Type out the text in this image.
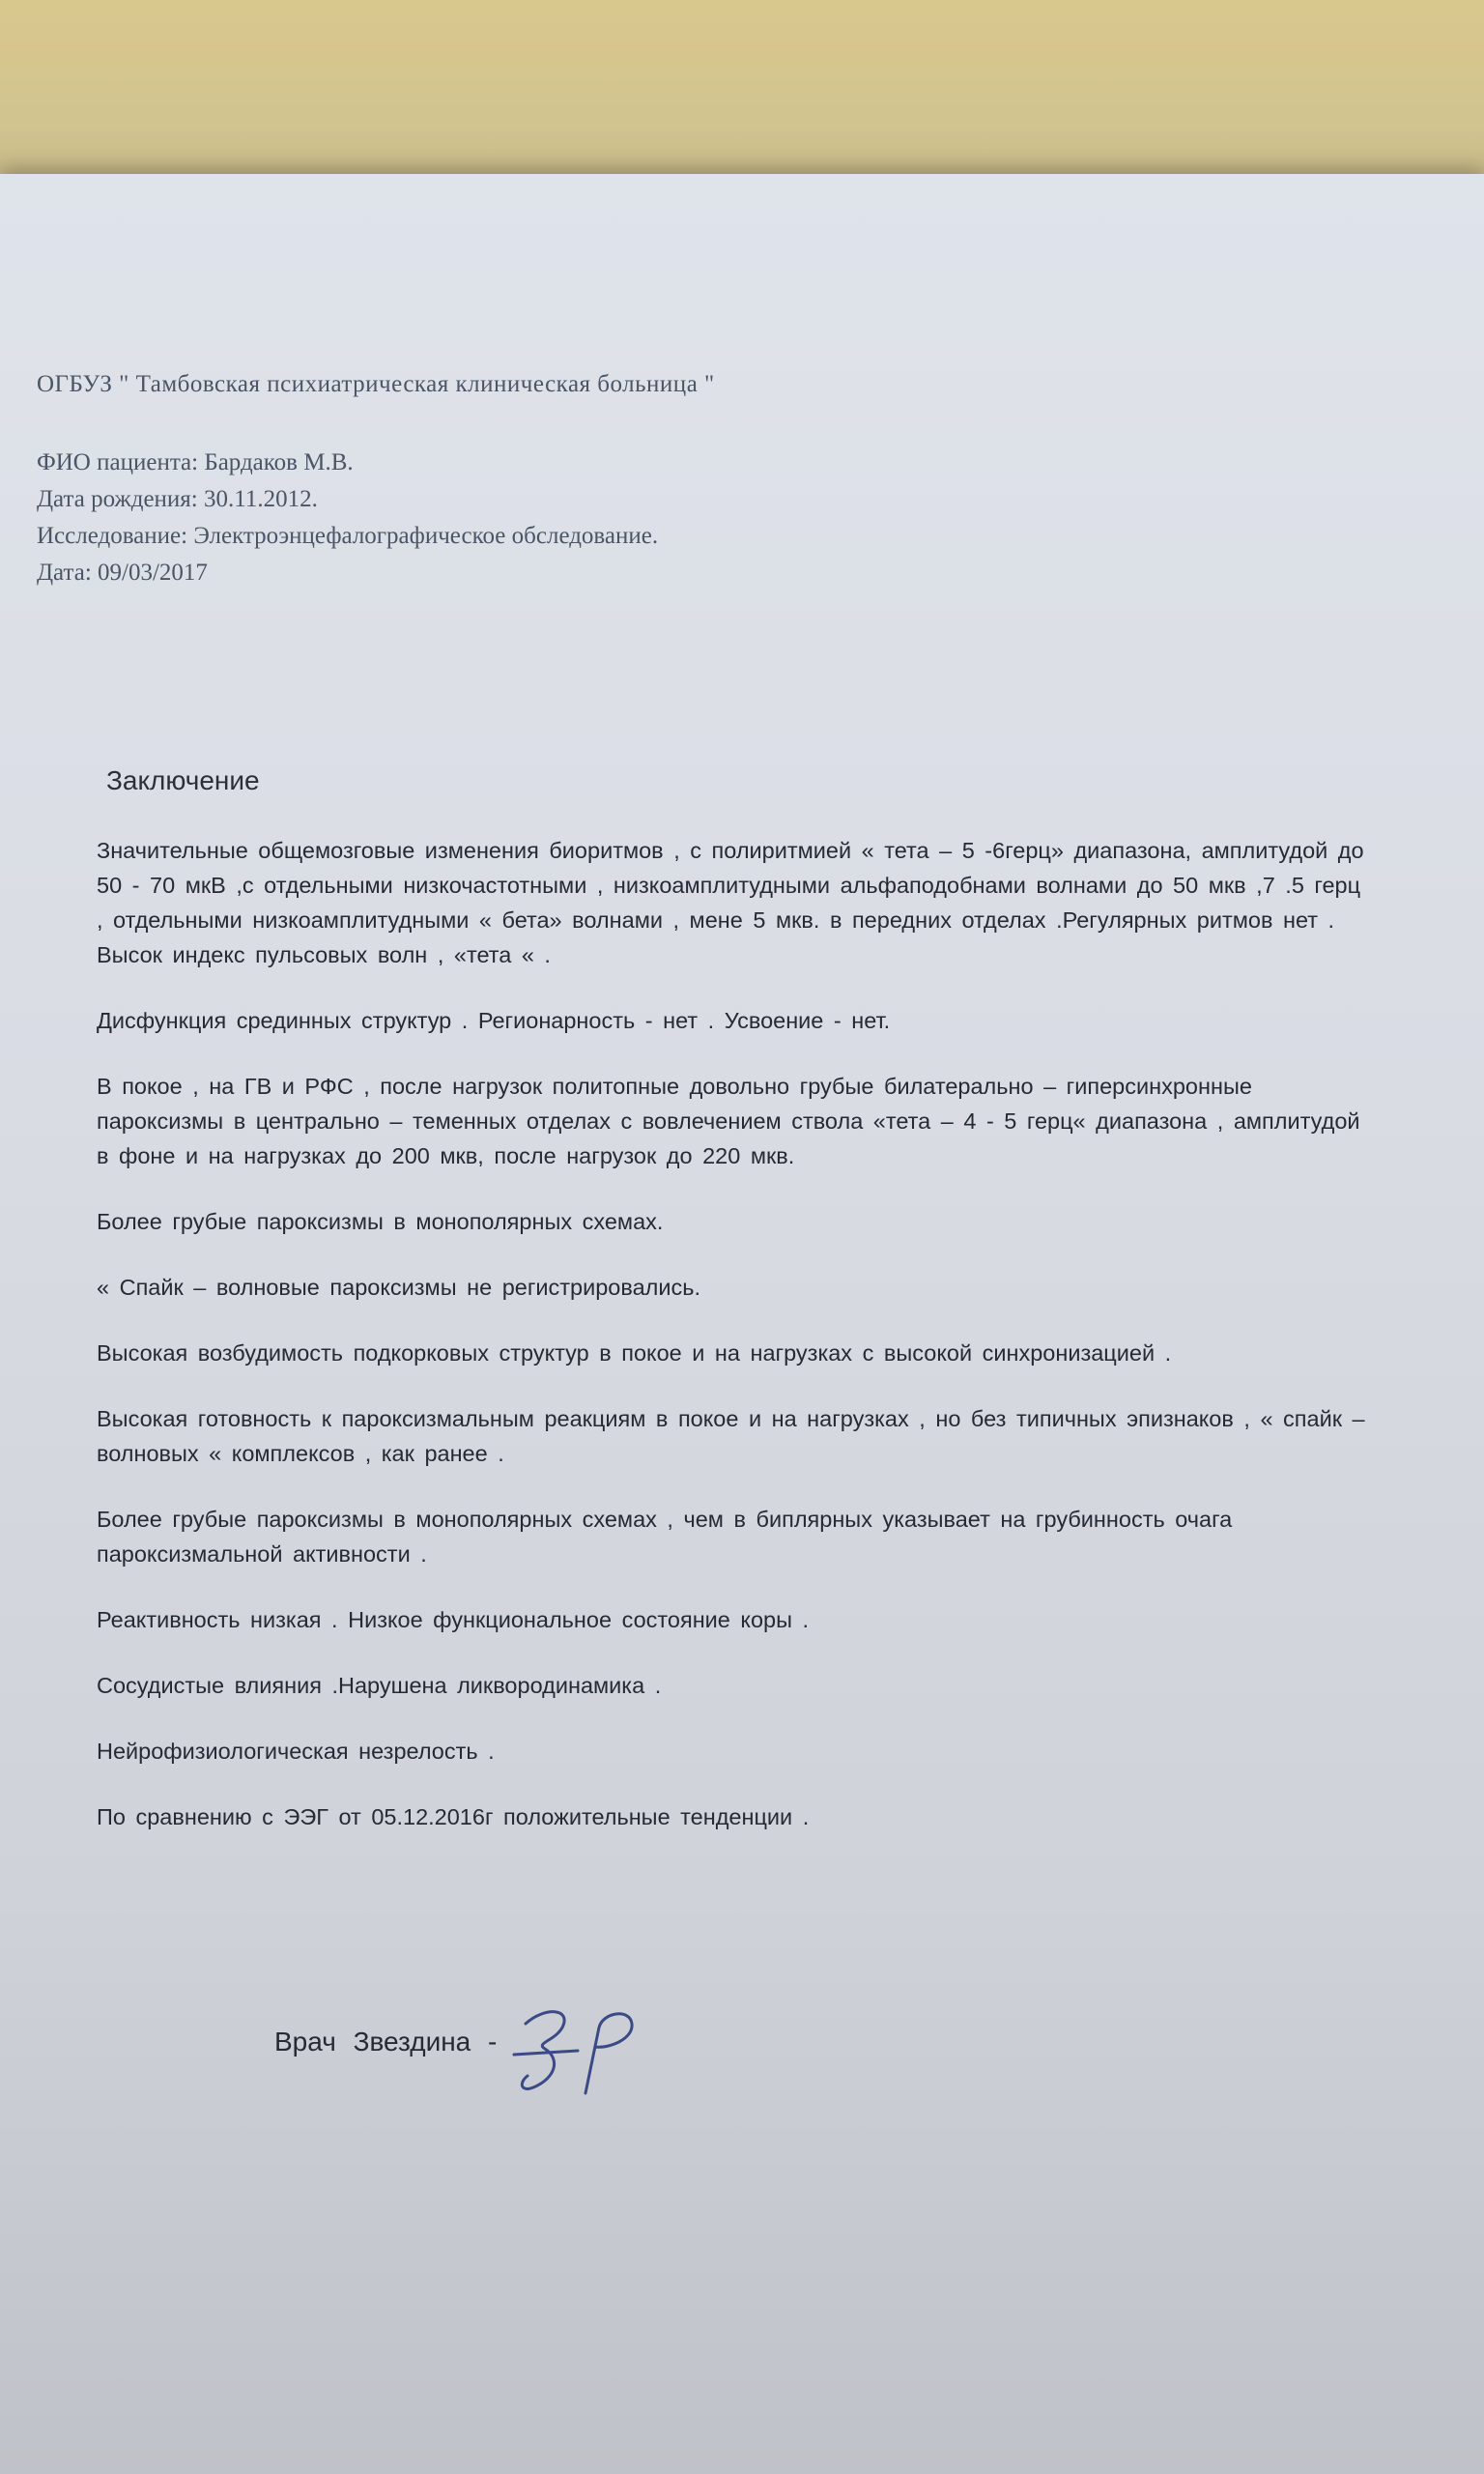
ОГБУЗ " Тамбовская психиатрическая клиническая больница "
ФИО пациента: Бардаков М.В.
Дата рождения: 30.11.2012.
Исследование: Электроэнцефалографическое обследование.
Дата: 09/03/2017
Заключение

Значительные общемозговые изменения биоритмов , с полиритмией « тета – 5 -6герц» диапазона, амплитудой до 50 - 70 мкВ ,с отдельными низкочастотными , низкоамплитудными альфаподобнами волнами до 50 мкв ,7 .5 герц , отдельными низкоамплитудными « бета» волнами , мене 5 мкв. в передних отделах .Регулярных ритмов нет . Высок индекс пульсовых волн , «тета « .

Дисфункция срединных структур . Регионарность - нет . Усвоение - нет.

В покое , на ГВ и РФС , после нагрузок политопные довольно грубые билатерально – гиперсинхронные пароксизмы в центрально – теменных отделах с вовлечением ствола «тета – 4 - 5 герц« диапазона , амплитудой в фоне и на нагрузках до 200 мкв, после нагрузок до 220 мкв.

Более грубые пароксизмы в монополярных схемах.

« Спайк – волновые пароксизмы не регистрировались.

Высокая возбудимость подкорковых структур в покое и на нагрузках с высокой синхронизацией .

Высокая готовность к пароксизмальным реакциям в покое и на нагрузках , но без типичных эпизнаков , « спайк – волновых « комплексов , как ранее .

Более грубые пароксизмы в монополярных схемах , чем в биплярных указывает на грубинность очага пароксизмальной активности .

Реактивность низкая . Низкое функциональное состояние коры .

Сосудистые влияния .Нарушена ликвородинамика .

Нейрофизиологическая незрелость .

По сравнению с ЭЭГ от 05.12.2016г положительные тенденции .

Врач Звездина -
